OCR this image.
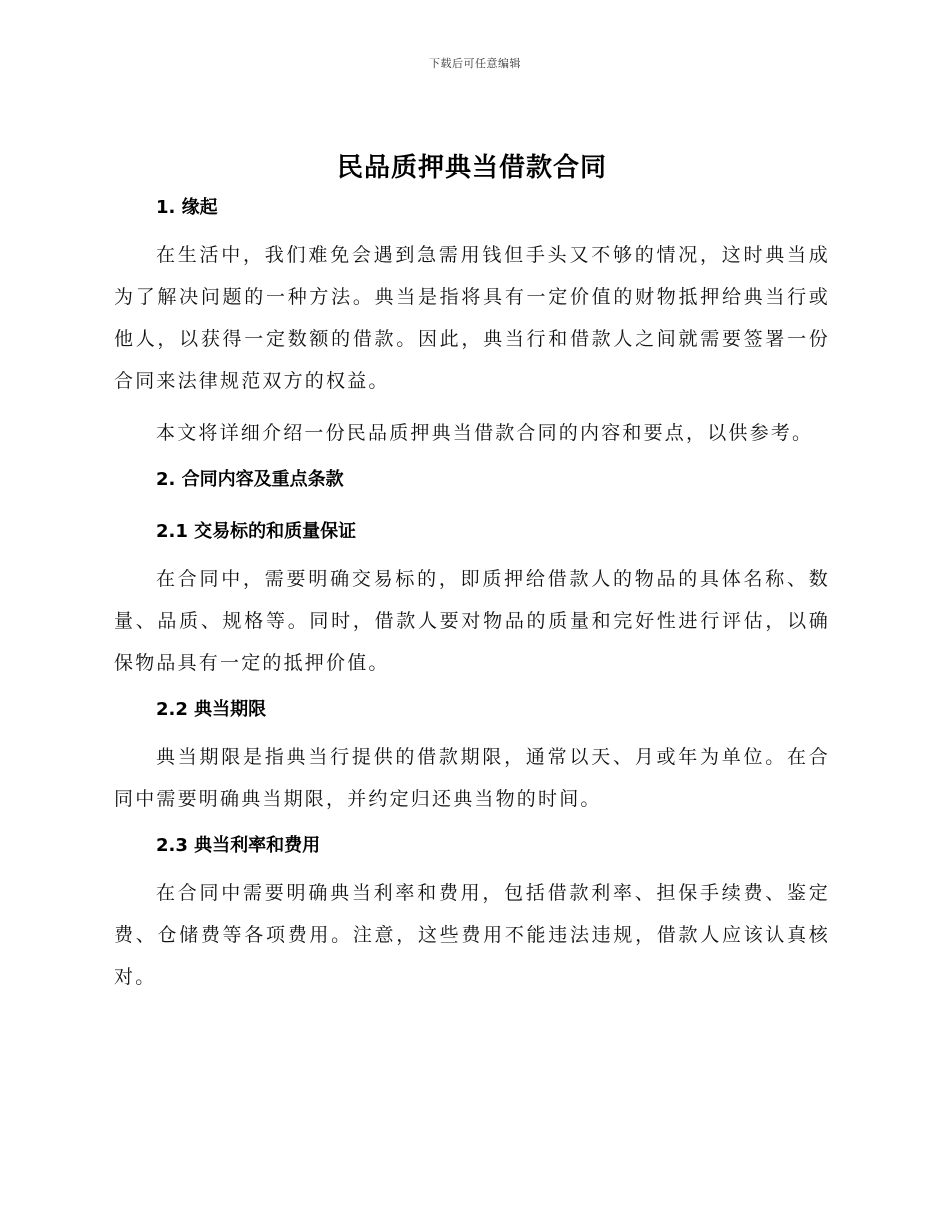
下载后可任意编辑
民品质押典当借款合同
1. 缘起

在生活中，我们难免会遇到急需用钱但手头又不够的情况，这时典当成为了解决问题的一种方法。典当是指将具有一定价值的财物抵押给典当行或他人，以获得一定数额的借款。因此，典当行和借款人之间就需要签署一份合同来法律规范双方的权益。

本文将详细介绍一份民品质押典当借款合同的内容和要点，以供参考。

2. 合同内容及重点条款
2.1 交易标的和质量保证

在合同中，需要明确交易标的，即质押给借款人的物品的具体名称、数量、品质、规格等。同时，借款人要对物品的质量和完好性进行评估，以确保物品具有一定的抵押价值。

2.2 典当期限

典当期限是指典当行提供的借款期限，通常以天、月或年为单位。在合同中需要明确典当期限，并约定归还典当物的时间。

2.3 典当利率和费用

在合同中需要明确典当利率和费用，包括借款利率、担保手续费、鉴定费、仓储费等各项费用。注意，这些费用不能违法违规，借款人应该认真核对。
